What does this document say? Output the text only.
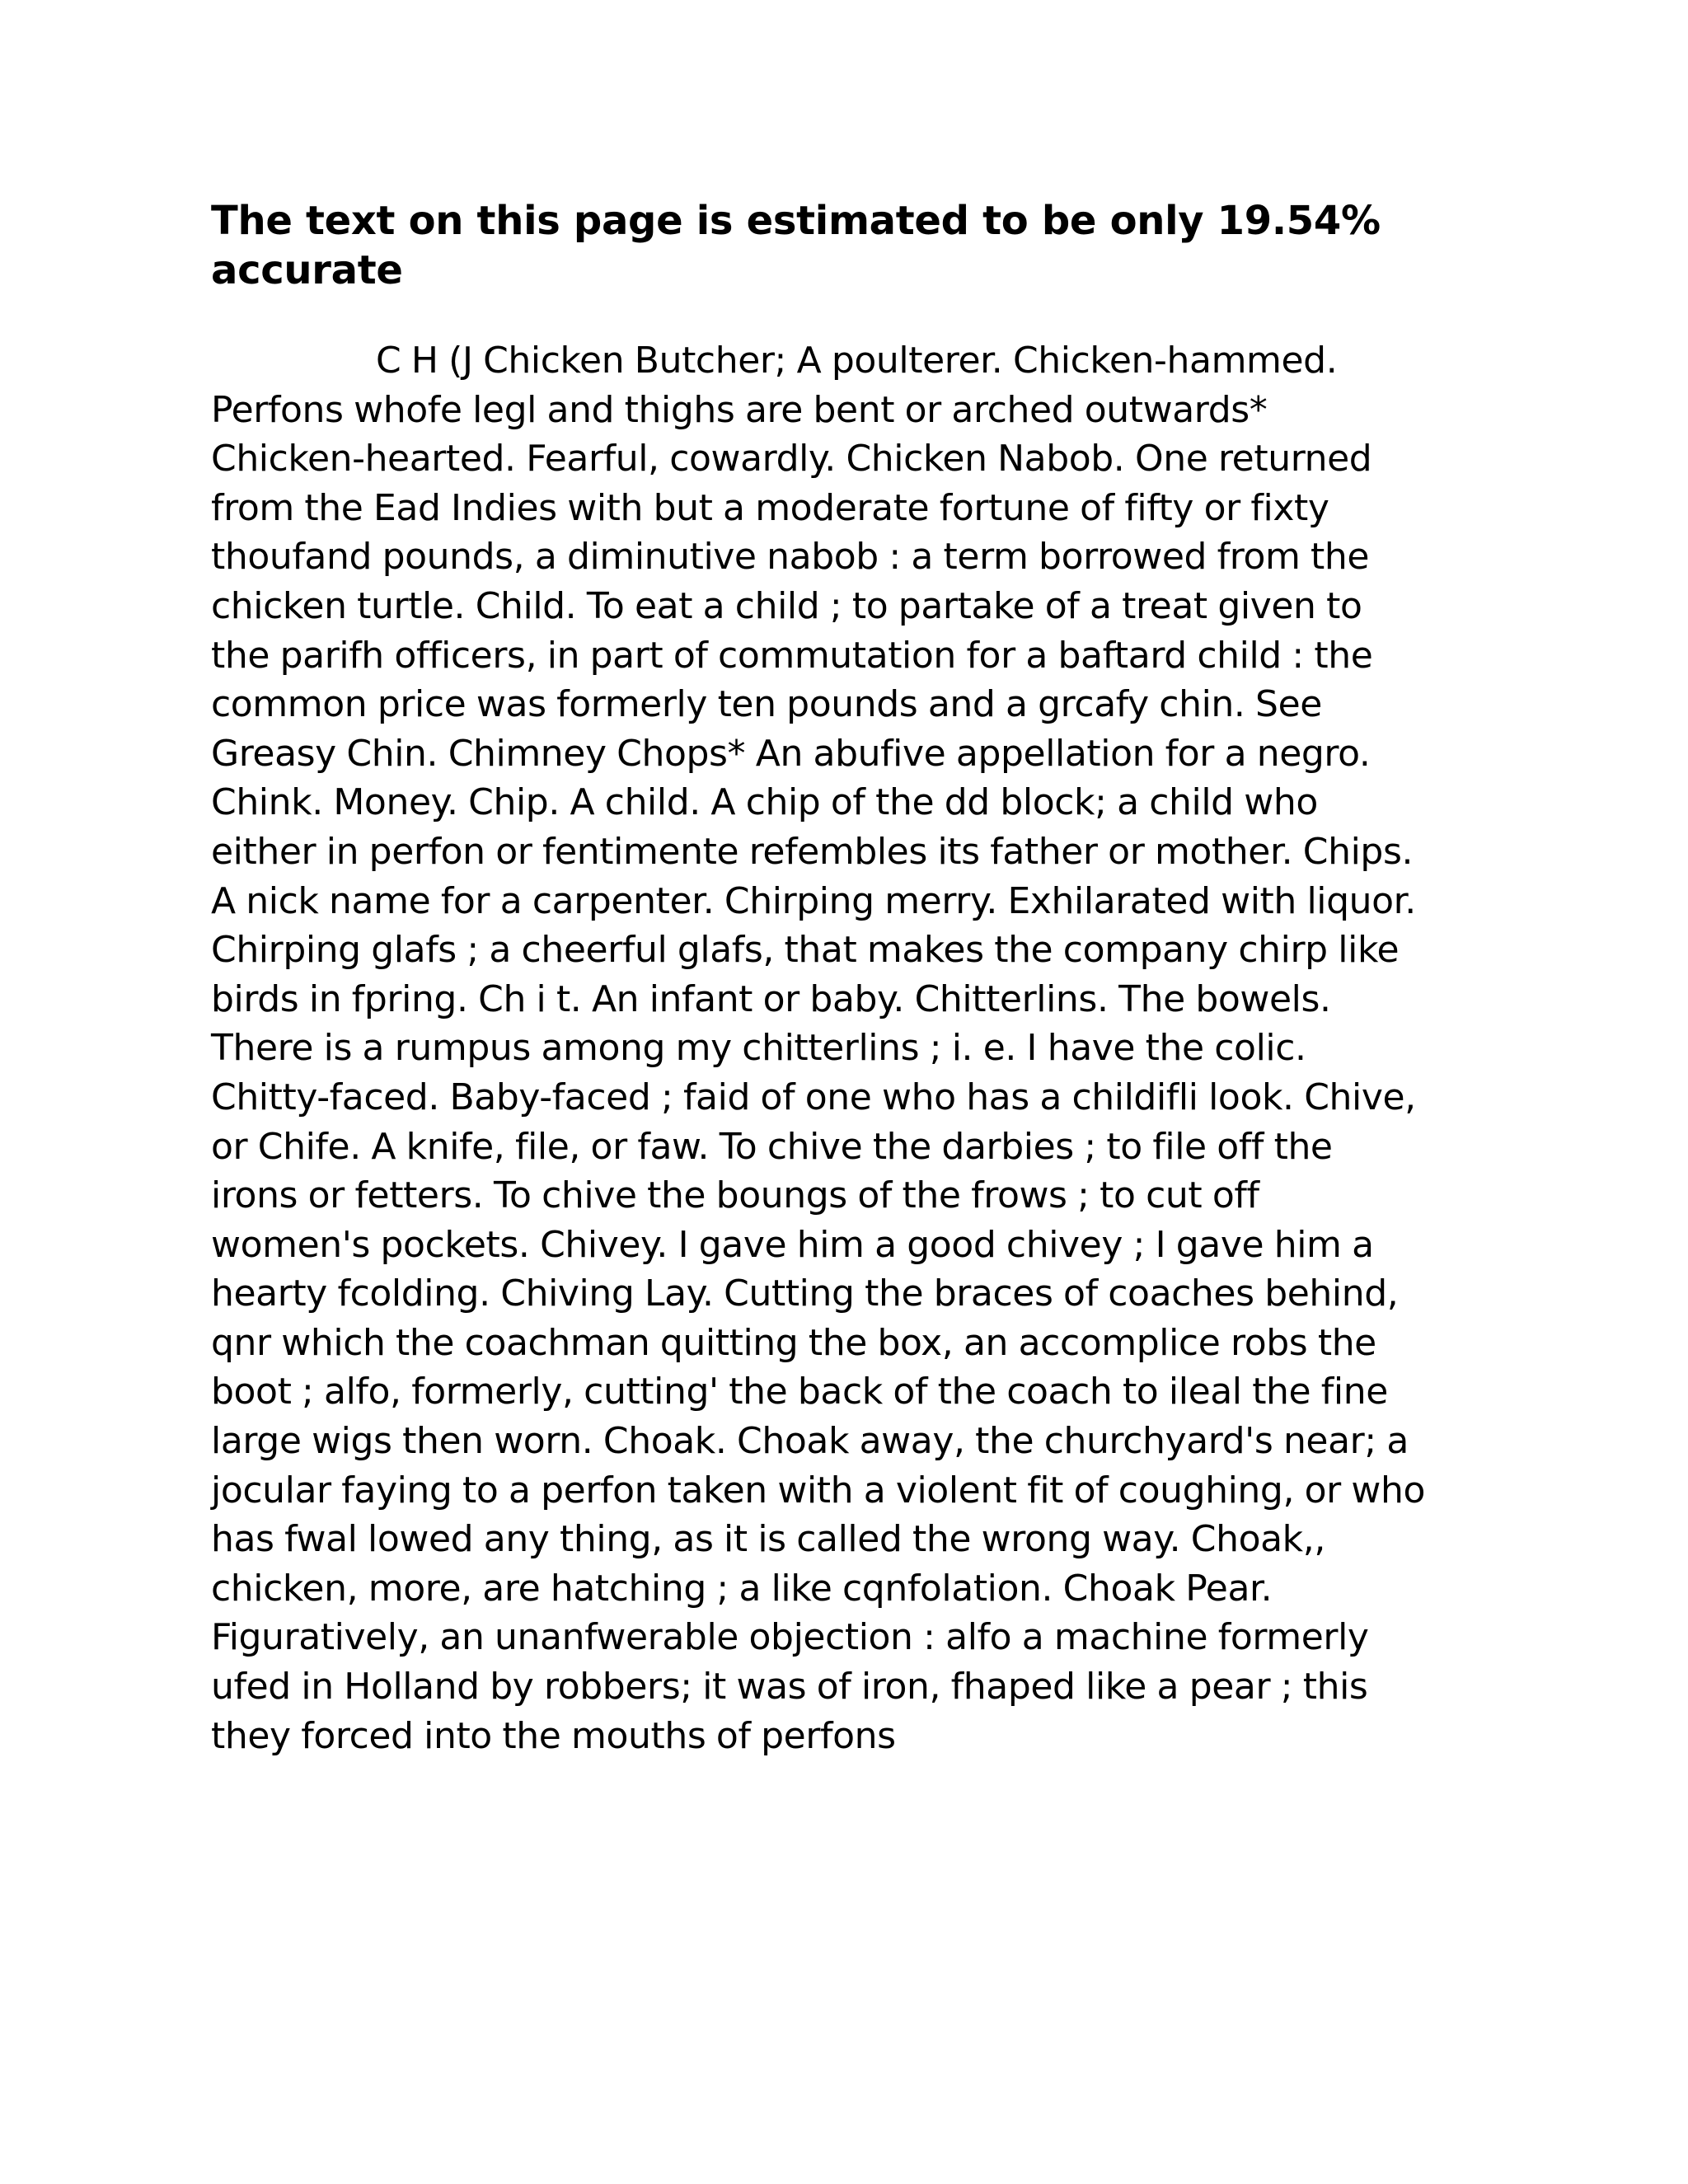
The text on this page is estimated to be only 19.54% accurate
C H (J Chicken Butcher; A poulterer. Chicken-hammed.
Perfons whofe legl and thighs are bent or arched outwards*
Chicken-hearted. Fearful, cowardly. Chicken Nabob. One returned
from the Ead Indies with but a moderate fortune of fifty or fixty
thoufand pounds, a diminutive nabob : a term borrowed from the
chicken turtle. Child. To eat a child ; to partake of a treat given to
the parifh officers, in part of commutation for a baftard child : the
common price was formerly ten pounds and a grcafy chin. See
Greasy Chin. Chimney Chops* An abufive appellation for a negro.
Chink. Money. Chip. A child. A chip of the dd block; a child who
either in perfon or fentimente refembles its father or mother. Chips.
A nick name for a carpenter. Chirping merry. Exhilarated with liquor.
Chirping glafs ; a cheerful glafs, that makes the company chirp like
birds in fpring. Ch i t. An infant or baby. Chitterlins. The bowels.
There is a rumpus among my chitterlins ; i. e. I have the colic.
Chitty-faced. Baby-faced ; faid of one who has a childifli look. Chive,
or Chife. A knife, file, or faw. To chive the darbies ; to file off the
irons or fetters. To chive the boungs of the frows ; to cut off
women's pockets. Chivey. I gave him a good chivey ; I gave him a
hearty fcolding. Chiving Lay. Cutting the braces of coaches behind,
qnr which the coachman quitting the box, an accomplice robs the
boot ; alfo, formerly, cutting' the back of the coach to ileal the fine
large wigs then worn. Choak. Choak away, the churchyard's near; a
jocular faying to a perfon taken with a violent fit of coughing, or who
has fwal lowed any thing, as it is called the wrong way. Choak,,
chicken, more, are hatching ; a like cqnfolation. Choak Pear.
Figuratively, an unanfwerable objection : alfo a machine formerly
ufed in Holland by robbers; it was of iron, fhaped like a pear ; this
they forced into the mouths of perfons
